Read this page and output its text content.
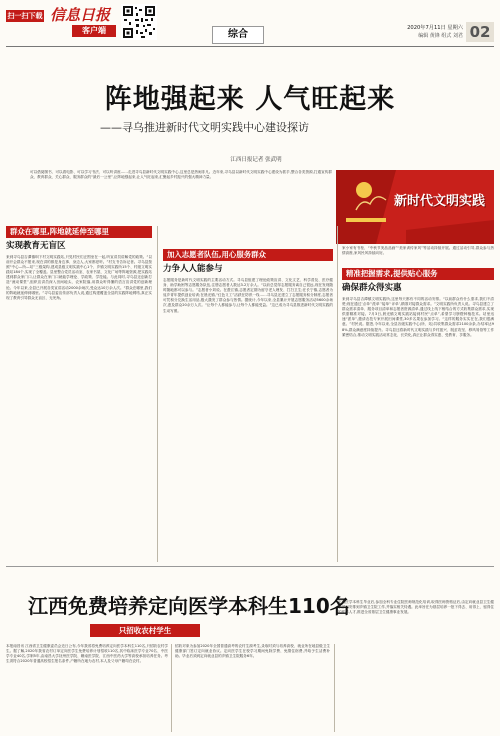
扫一扫下载 信息日报
客户端	综合
2020年7月11日 星期六
编辑 黄锋 组式 刘君 02
阵地强起来 人气旺起来
——寻乌推进新时代文明实践中心建设探访
江西日报记者 张武明
可以借阅图书、可以看电影、可以学习书法、可以听讲座……走进寻乌县新时代文明实践中心,这里总是热闹非凡。近年来,寻乌县以新时代文明实践中心建设为抓手,整合各类资源,打通宣传群众、教育群众、关心群众、服务群众的“最后一公里”,让阵地强起来,让人气旺起来,汇聚起乡村振兴的强大精神力量。
新时代文明实践
群众在哪里,阵地就延伸至哪里
实现教育无盲区
来到寻乌县吉潭镇圳下村文明实践站,只见村民们正围坐在一起,听宣讲员讲解党的政策。“以前开会群众不愿来,现在讲的都是身边事、身边人,大家都爱听。”村支书告诉记者。寻乌县按照“中心—所—站”三级架构,建成县级文明实践中心1个、乡镇文明实践所15个、村级文明实践站184个,实现了全覆盖。县里整合党员活动室、农家书屋、文化广场等阵地资源,把实践站建到群众家门口,让群众在家门口就能学理论、学政策、学技能。与此同时,寻乌县还创新打造“流动课堂”,组织宣讲员深入田间地头、农家院落,用群众听得懂的语言宣讲党的创新理论。今年以来,全县已开展各类宣讲活动2000余场次,受众达10万余人次。“群众在哪里,我们的阵地就延伸到哪里。”寻乌县委宣传部负责人说,通过构建覆盖全县的实践阵地网络,真正实现了教育引导群众无盲区、无死角。
加入志愿者队伍,用心服务群众
力争人人能参与
志愿服务是新时代文明实践的主要活动方式。寻乌县组建了理论政策宣讲、文化文艺、科学普及、医疗健身、助学助困等志愿服务队伍,注册志愿者人数达3.2万余人。“以前总觉得志愿服务离自己很远,现在发现随时随地都可以参与。”志愿者小刘说。在澄江镇,志愿者定期为留守老人理发、打扫卫生;在长宁镇,志愿者为返乡青年提供创业培训;在晨光镇,“红色义工”活跃在防汛一线……寻乌县还建立了志愿服务积分制度,志愿者可凭积分兑换生活用品,极大激发了群众参与热情。据统计,今年以来,全县累计开展志愿服务活动5600余场次,惠及群众20余万人次。“让每个人都能参与,让每个人都能受益。”这已成为寻乌县推进新时代文明实践的生动写照。
家小家有书柜、“中秋节美品品画”“美家训传家风”等活动持续开展。通过活动引导,群众参与热情高涨,家风民风持续向好。
精准把握需求,提供贴心服务
确保群众得实惠
来到寻乌县吉潭镇文明实践所,这里每天都有不同的活动安排。“以前群众有什么需求,我们不清楚;现在通过‘点单’‘派单’‘接单’‘评单’,精准对接群众需求。”文明实践所负责人说。寻乌县建立了群众需求清单、服务项目清单和志愿者资源清单,通过线上线下相结合的方式收集群众需求,实现供需精准对接。7月3日,晨光镇文明实践站接到村民“点单”,希望学习脐橙种植技术。站里迅速“派单”,邀请农技专家开展田间课堂,30多名果农参加学习。“这样的服务实实在在,我们很满意。”村民说。据悉,今年以来,全县各级实践中心(所、站)共收集群众需求2100余条,办结率达98%,群众满意度持续提升。寻乌县还将新时代文明实践与乡村振兴、脱贫攻坚、移风易俗等工作紧密结合,推动文明实践活动常态化、长效化,真正让群众得实惠、受教育、享服务。
江西免费培养定向医学本科生110名
只招收农村学生
本报南昌讯 江西省卫生健康委员会近日公布,今年我省将免费培养定向医学本科生110名,只招收农村学生。据了解,2020年我省农村订单定向医学生免费培养计划招收110名,其中临床医学专业70名、中医学专业40名,学制5年,由南昌大学抚州医学院、赣南医学院、江西中医药大学等高校承担培养任务。考生须符合2020年普通高校招生报名条件,户籍所在地为农村,本人及父母户籍均在农村。
招收对象为参加2020年全国普通高考的农村生源考生,录取时须与培养高校、就业所在地县级卫生健康部门签订定向就业协议。定向医学生在校学习期间免除学费、免缴住宿费,并给予生活费补助。毕业后须到定向就业县的乡镇卫生院服务6年。
定向医学本科生毕业后,参加全科专业住院医师规范化培训,取得医师资格证后,由定向就业县卫生健康部门安排到乡镇卫生院工作,并落实相关待遇。此举旨在为基层培养一批下得去、用得上、留得住的医学人才,推进全省基层卫生健康事业发展。
